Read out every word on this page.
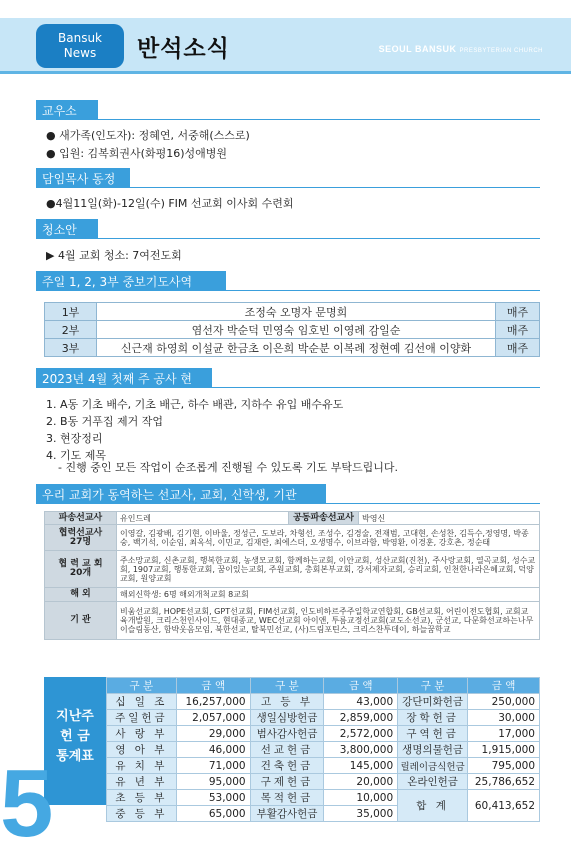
Bansuk
News	반석소식	SEOUL BANSUK PRESBYTERIAN CHURCH
교우소식
● 새가족(인도자): 정혜연, 서중해(스스로)
● 입원: 김복희권사(화평16)성애병원
담임목사 동정
●4월11일(화)-12일(수) FIM 선교회 이사회 수련회
청소안내
▶ 4월 교회 청소: 7여전도회
주일 1, 2, 3부 중보기도사역
1부	조정숙 오명자 문명희	매주
2부	염선자 박순덕 민영숙 임호빈 이영례 감일순	매주
3부	신근재 하영희 이설균 한금초 이은희 박순분 이복례 정현예 김선애 이양화	매주
2023년 4월 첫째 주 공사 현황
1. A동 기초 배수, 기초 배근, 하수 배관, 지하수 유입 배수유도
2. B동 거푸집 제거 작업
3. 현장정리
4. 기도 제목
- 진행 중인 모든 작업이 순조롭게 진행될 수 있도록 기도 부탁드립니다.
우리 교회가 동역하는 선교사, 교회, 신학생, 기관
파송선교사	유인드레	공동파송선교사	박영신

협력선교사
27명	이영갈, 김광배, 김기현, 이바울, 정성근, 도보라, 차형선, 조성수, 김경술, 전재범, 고대현, 손성찬, 김득수,정영명, 박종숭, 백기석, 이순임, 최옥석, 이민교, 김재란, 최에스더, 오생명수, 이브라함, 박영환, 이경훈, 강호촌, 정순태		

협 력 교 회
20개	주소망교회, 신촌교회, 행복한교회, 농생모교회, 함께하는교회, 이안교회, 성산교회(진천), 주사랑교회, 열곡교회, 성수교회, 1907교회, 행통한교회, 꿈이있는교회, 주원교회, 총회본부교회, 강서제자교회, 승리교회, 인천한나라은혜교회, 덕양교회, 원양교회		
해 외	해외신학생: 6명 해외개척교회 8교회		
기 관	비움선교회, HOPE선교회, GPT선교회, FIM선교회, 인도비하르주주일학교연합회, GB선교회, 어린이전도협회, 교회교육개발원, 크리스천인사이드, 현대종교, WEC선교회 아이앤, 투름교정선교회(교도소선교), 군선교, 다문화선교하는나무이슬림동산, 함박웃음모임, 북한선교, 탈북민선교, (사)드림포틴스, 크리스찬투데이, 하늘꿈학교		
지난주
헌 금
통계표
구 분	금 액	구 분	금 액	구 분	금 액
십 일 조	16,257,000	고 등 부	43,000	강단미화헌금	250,000
주일헌금	2,057,000	생일심방헌금	2,859,000	장학헌금	30,000
사 랑 부	29,000	범사감사헌금	2,572,000	구역헌금	17,000
영 아 부	46,000	선교헌금	3,800,000	생명의물헌금	1,915,000
유 치 부	71,000	건축헌금	145,000	릴레이금식헌금	795,000
유 년 부	95,000	구제헌금	20,000	온라인헌금	25,786,652
초 등 부	53,000	목적헌금	10,000	합 계	60,413,652
중 등 부	65,000	부활감사헌금	35,000		
5
